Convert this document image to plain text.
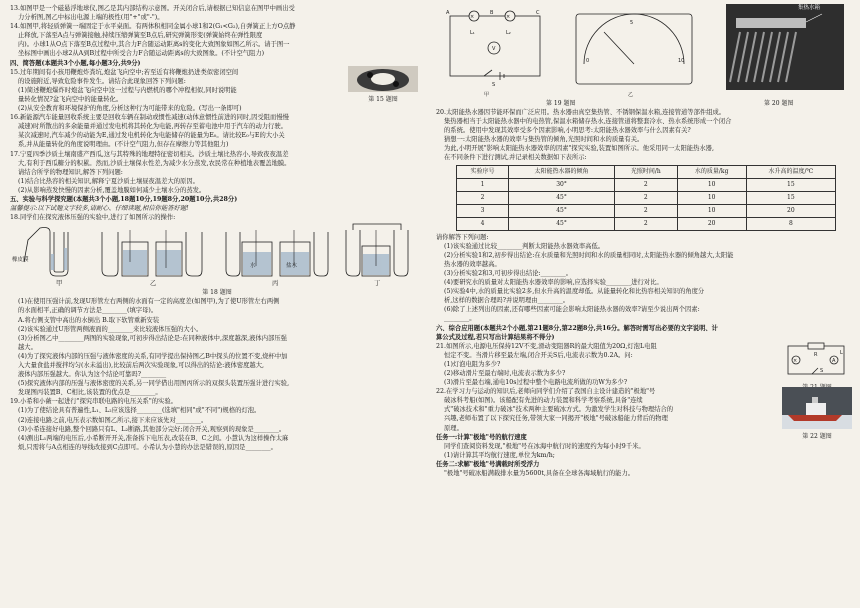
13.如图甲是一个磁悬浮地球仪,图乙是其内部结构示意图。开关闭合后,请根据已知信息在图甲中画出受

力分析图,图乙中标出电源上端的极性(用"+"或"-")。

14.如图甲,将轻质弹簧一端固定于水平桌面。有两体积相同金属小球1和2(G₁<G₂),自弹簧正上方O点静

止释放,下落至A点与弹簧接触,持续压缩弹簧至B点后,研究弹簧形变(弹簧始终在弹性限度

内)。小球1从O点下落至B点过程中,其合力F合随运动距离s的变化大致图象如图乙所示。请于图一

坐标图中画出小球2从A到B过程中所受合力F合随运动距离s的大致图象。(不计空气阻力)

四、简答题(本题共3个小题,每小题3分,共9分)

15.过年期间有小孩用鞭炮炸粪坑,炮盆飞向空中;若至近有将鞭炮扔进类似密闭空间

的设施附近,导致危险事件发生。请结合此现象回答下列问题:

(1)简述鞭炮爆炸时炮盆飞向空中这一过程与内燃机的哪个冲程相似,同时说明能

量转化情况?盆飞向空中的能量转化。

(2)从安全教育和环境保护的角度,分析这种行为可能带来的危险。(写出一条即可)

第 15 题图

16.新能源汽车能量回收系统主要是回收车辆在制动或惯性减速(动体意惯性前进的同时,因受阻而慢慢

减速)时所散出的多余能量并通过发电机将其转化为电能,再转存至蓄电池中用于汽车的动力行驶。

某次减速时,汽车减少的动能为E,通过发电机转化为电能储存的能量为E₀。请比较E₀与E的大小关

系,并从能量转化的角度说明理由。(不计空气阻力,但存在摩擦力等其他阻力)

17.宁夏四季沙质土壤南盛产西瓜,这与其特殊的地理特征密切相关。沙质土壤比热容小,导致夜夜温差

大,有利于西瓜糖分的积累。然而,沙质土壤保水性差,为减少水分蒸发,农民常在种植地表覆盖地膜。

请结合所学的物理知识,解答下列问题:

(1)结合比热容的相关知识,解释宁夏沙质土壤昼夜温差大的原因。

(2)从影响蒸发快慢的因素分析,覆盖地膜如何减少土壤水分的蒸发。

五、实验与科学探究题(本题共3个小题,18题10分,19题8分,20题10分,共28分)

温馨提示:以下试题文字较多,请耐心、仔细读题,相信你能答好题!

18.同学们在探究液体压强的实验中,进行了如图所示的操作:

橡皮膜
甲	乙	丙	丁
水	盐水

第 18 题图

(1)在使用压强计前,发现U形管左右两侧的水面有一定的高度差(如图甲),为了使U形管左右两侧

的水面相平,正确的调节方法是________(填字母)。

A.将右侧支管中高出的水倒出 B.取下软管重新安装

(2)该实验通过U形管两侧液面的________来比较液体压强的大小。

(3)分析图乙中________两图的实验现象,可初步得出结论是:在同种液体中,深度越深,液体内部压强

越大。

(4)为了探究液体内部的压强与液体密度的关系,有同学提出保持图乙B中探头的位置不变,烧杯中加

入大量食盐并搅拌均匀(水未溢出),比较前后两次实验现象,可以得出的结论:液体密度越大,

液体内部压强越大。你认为这个结论可靠吗?________

(5)探究液体内部的压强与液体密度的关系,另一同学借出用图丙所示的双探头装置压强计进行实验,

发现图丙装置B、C相比,该装置的优点是________。

19.小希和小薇一起进行"探究串联电路的电压关系"的实验。

(1)为了使结论具有普遍性,L₁、L₂应该选择________(选填"相同"或"不同")规格的灯泡。

(2)连接电路之前,电压表示数如图乙所示,接下来应该先对________。

(3)小希连接好电路,整个回路只有L、L₂断路,其他部分完好;闭合开关,观察到的现象是________。

(4)测出L₁两端的电压后,小希断开开关,准备拆下电压表,改装在B、C之间。小慧认为这样操作太麻

烦,只需将与A点相连的导线改接到C点即可。小希认为小慧的办法是错误的,原因是________。

V
×	×
L₁	L₂
A	B	C
S
甲	乙
0
5
10
集热水箱
第 19 题图	第 20 题图

20.太阳能热水器因节能环保而广泛应用。热水器由真空集热管、不锈钢保温水箱,连接管道等部件组成。

集热器相当于太阳能热水器中的电热管,保温水箱储存热水,连接管道将整套冷水、热水系统形成一个闭合

的系统。使用中发现其效率受多个因素影响,小明思考:太阳能热水器效率与什么因素有关?

猜想一:太阳能热水器的效率与集热管的倾角,光照时间和水的质量有关。

为此,小明开展"影响太阳能热水器效率的因素"探究实验,装置如图所示。他采用同一太阳能热水器,

在不同条件下进行测试,并记录相关数据如下表所示:

实验序号	太阳能热水器的倾角	光照时间/h	水的质量/kg	水升高的温度/℃
1	30°	2	10	15
2	45°	2	10	15
3	45°	2	10	20
4	45°	2	20	8

请你解答下列问题:

(1)该实验通过比较________判断太阳能热水器效率高低。

(2)分析实验1和2,初步得出结论:在水质量和光照时间和水的质量相同时,太阳能热水器的倾角越大,太阳能

热水器的效率越高。

(3)分析实验2和3,可初步得出结论:________。

(4)要研究水的质量对太阳能热水器效率的影响,应选择实验________进行对比。

(5)实验4中,水的质量比实验2多,但水升高的温度却低。从能量转化和比热容相关知识的角度分

析,这样的数据合理吗?并说明理由________。

(6)除了上述列出的因素,还有哪些因素可能会影响太阳能热水器的效率?请至少说出两个因素:

________。

六、综合应用题(本题共2个小题,第21题8分,第22题8分,共16分。解答时需写出必要的文字说明、计

算公式及过程,若只写出计算结果将不得分)

21.如图所示,电源电压保持12V不变,滑动变阻器R的最大阻值为20Ω,灯泡L电阻

恒定不变。当滑片移至最左端,闭合开关S后,电流表示数为0.2A。问:

(1)灯泡电阻为多少?

(2)移动滑片至最右端时,电流表示数为多少?

(3)滑片至最右端,通电10s过程中整个电路电流所做的功W为多少?

R
×	A
L
S

22.在学习力与运动的知识后,老师向同学们介绍了我国自主设计建造的"极地"号

破冰科考船(如图)。该船配有先进的动力装置和科学考察系统,具备"连续

式"破冰技术和"重力破冰"技术两种主要破冰方式。为激发学生对科技与物理结合的

兴趣,老师布置了以下探究任务,带领大家一同揭开"极地"号破冰船能力背后的物理

原理。

第 22 题图

任务一:计算"极地"号的航行速度

同学们查阅资料发现,"极地"号在冰海中航行时的速度约为每小时9千米。

(1)请计算其平均航行速度,单位为km/h;

任务二:求解"极地"号满载时所受浮力

"极地"号破冰船满载排水量为5600t,具备在全球各海域航行的能力。
